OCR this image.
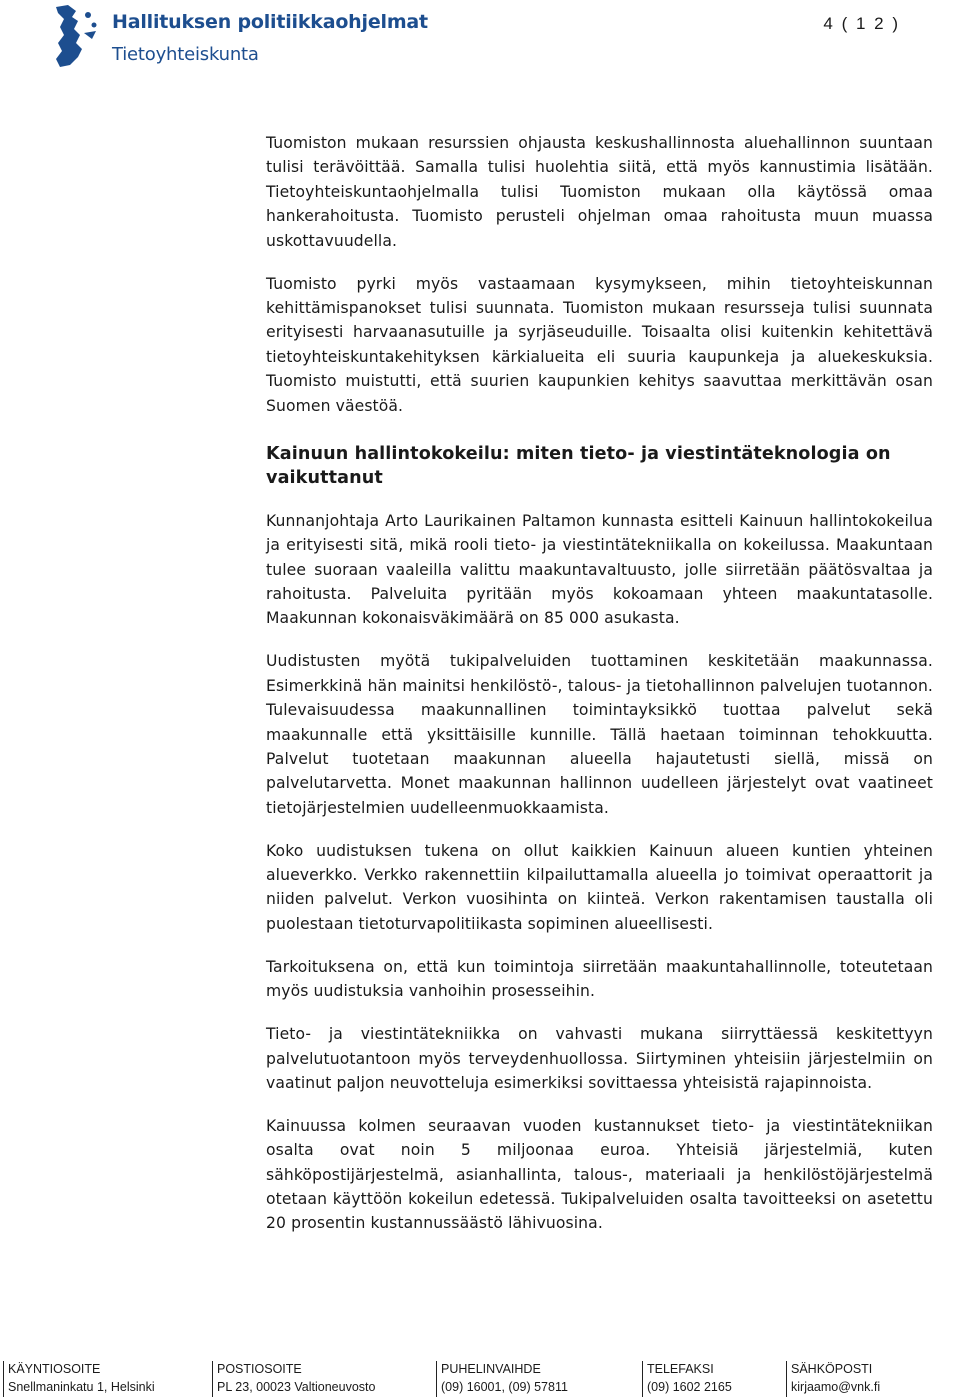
Hallituksen politiikkaohjelmat
Tietoyhteiskunta
4 ( 1 2 )

Tuomiston mukaan resurssien ohjausta keskushallinnosta aluehallinnon suuntaan tulisi terävöittää. Samalla tulisi huolehtia siitä, että myös kannustimia lisätään. Tietoyhteiskuntaohjelmalla tulisi Tuomiston mukaan olla käytössä omaa hankerahoitusta. Tuomisto perusteli ohjelman omaa rahoitusta muun muassa uskottavuudella.

Tuomisto pyrki myös vastaamaan kysymykseen, mihin tietoyhteiskunnan kehittämispanokset tulisi suunnata. Tuomiston mukaan resursseja tulisi suunnata erityisesti harvaanasutuille ja syrjäseuduille. Toisaalta olisi kuitenkin kehitettävä tietoyhteiskuntakehityksen kärkialueita eli suuria kaupunkeja ja aluekeskuksia. Tuomisto muistutti, että suurien kaupunkien kehitys saavuttaa merkittävän osan Suomen väestöä.

Kainuun hallintokokeilu: miten tieto- ja viestintäteknologia on vaikuttanut

Kunnanjohtaja Arto Laurikainen Paltamon kunnasta esitteli Kainuun hallintokokeilua ja erityisesti sitä, mikä rooli tieto- ja viestintätekniikalla on kokeilussa. Maakuntaan tulee suoraan vaaleilla valittu maakuntavaltuusto, jolle siirretään päätösvaltaa ja rahoitusta. Palveluita pyritään myös kokoamaan yhteen maakuntatasolle. Maakunnan kokonaisväkimäärä on 85 000 asukasta.

Uudistusten myötä tukipalveluiden tuottaminen keskitetään maakunnassa. Esimerkkinä hän mainitsi henkilöstö-, talous- ja tietohallinnon palvelujen tuotannon. Tulevaisuudessa maakunnallinen toimintayksikkö tuottaa palvelut sekä maakunnalle että yksittäisille kunnille. Tällä haetaan toiminnan tehokkuutta. Palvelut tuotetaan maakunnan alueella hajautetusti siellä, missä on palvelutarvetta. Monet maakunnan hallinnon uudelleen järjestelyt ovat vaatineet tietojärjestelmien uudelleenmuokkaamista.

Koko uudistuksen tukena on ollut kaikkien Kainuun alueen kuntien yhteinen alueverkko. Verkko rakennettiin kilpailuttamalla alueella jo toimivat operaattorit ja niiden palvelut. Verkon vuosihinta on kiinteä. Verkon rakentamisen taustalla oli puolestaan tietoturvapolitiikasta sopiminen alueellisesti.

Tarkoituksena on, että kun toimintoja siirretään maakuntahallinnolle, toteutetaan myös uudistuksia vanhoihin prosesseihin.

Tieto- ja viestintätekniikka on vahvasti mukana siirryttäessä keskitettyyn palvelutuotantoon myös terveydenhuollossa. Siirtyminen yhteisiin järjestelmiin on vaatinut paljon neuvotteluja esimerkiksi sovittaessa yhteisistä rajapinnoista.

Kainuussa kolmen seuraavan vuoden kustannukset tieto- ja viestintätekniikan osalta ovat noin 5 miljoonaa euroa. Yhteisiä järjestelmiä, kuten sähköpostijärjestelmä, asianhallinta, talous-, materiaali ja henkilöstöjärjestelmä otetaan käyttöön kokeilun edetessä. Tukipalveluiden osalta tavoitteeksi on asetettu 20 prosentin kustannussäästö lähivuosina.

KÄYNTIOSOITE
Snellmaninkatu 1, Helsinki
POSTIOSOITE
PL 23, 00023 Valtioneuvosto
PUHELINVAIHDE
(09) 16001, (09) 57811
TELEFAKSI
(09) 1602 2165
SÄHKÖPOSTI
kirjaamo@vnk.fi
